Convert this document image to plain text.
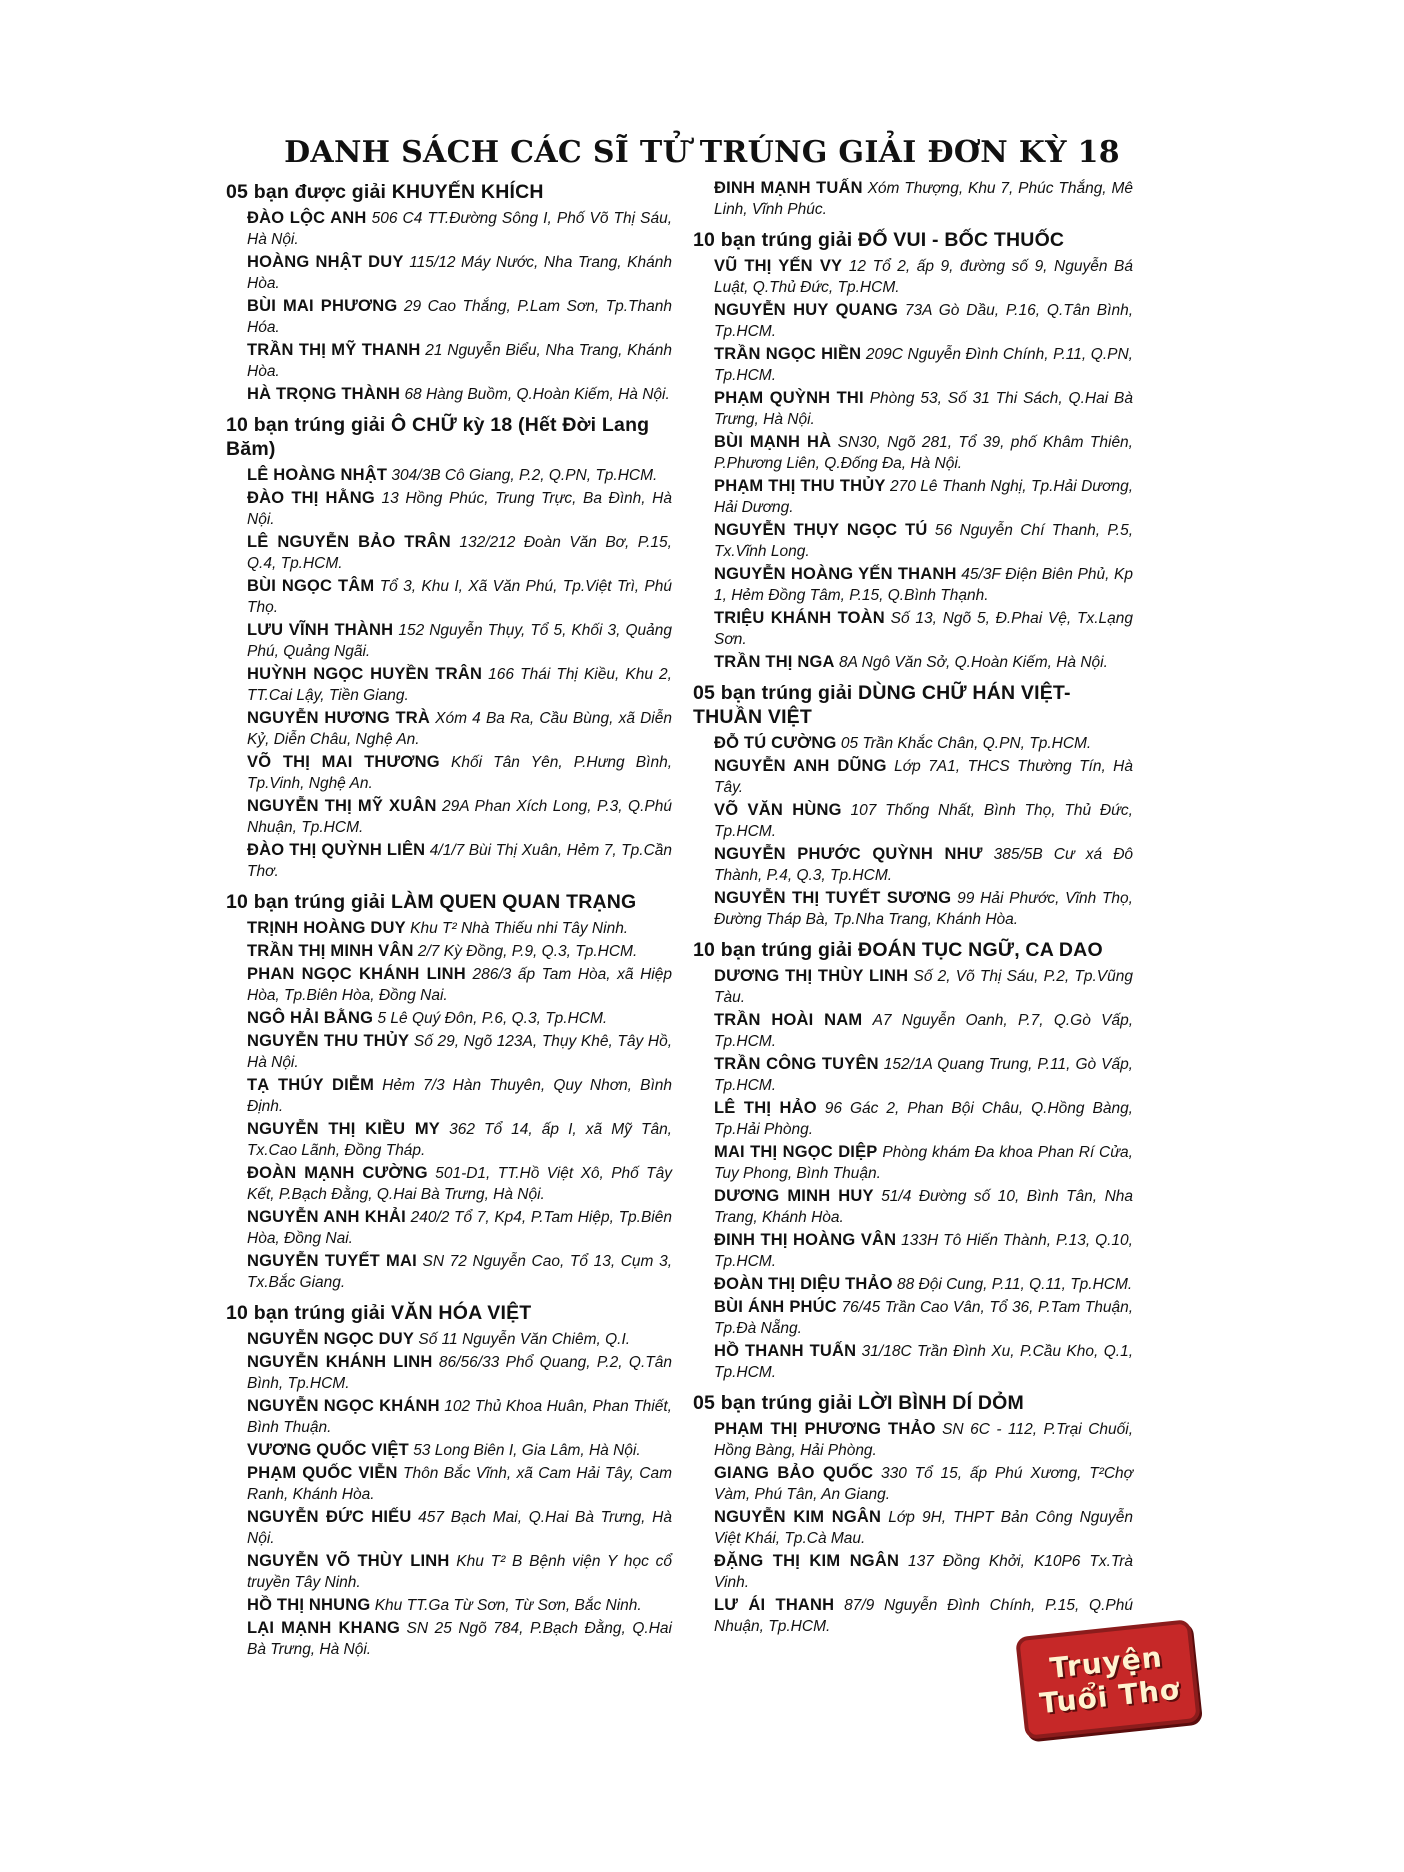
DANH SÁCH CÁC SĨ TỬ TRÚNG GIẢI ĐƠN KỲ 18
05 bạn được giải KHUYẾN KHÍCH
ĐÀO LỘC ANH 506 C4 TT.Đường Sông I, Phố Võ Thị Sáu, Hà Nội.
HOÀNG NHẬT DUY 115/12 Máy Nước, Nha Trang, Khánh Hòa.
BÙI MAI PHƯƠNG 29 Cao Thắng, P.Lam Sơn, Tp.Thanh Hóa.
TRẦN THỊ MỸ THANH 21 Nguyễn Biểu, Nha Trang, Khánh Hòa.
HÀ TRỌNG THÀNH 68 Hàng Buồm, Q.Hoàn Kiếm, Hà Nội.
10 bạn trúng giải Ô CHỮ kỳ 18 (Hết Đời Lang Băm)
LÊ HOÀNG NHẬT 304/3B Cô Giang, P.2, Q.PN, Tp.HCM.
ĐÀO THỊ HẰNG 13 Hồng Phúc, Trung Trực, Ba Đình, Hà Nội.
LÊ NGUYỄN BẢO TRÂN 132/212 Đoàn Văn Bơ, P.15, Q.4, Tp.HCM.
BÙI NGỌC TÂM Tổ 3, Khu I, Xã Văn Phú, Tp.Việt Trì, Phú Thọ.
LƯU VĨNH THÀNH 152 Nguyễn Thụy, Tổ 5, Khối 3, Quảng Phú, Quảng Ngãi.
HUỲNH NGỌC HUYỀN TRÂN 166 Thái Thị Kiều, Khu 2, TT.Cai Lậy, Tiền Giang.
NGUYỄN HƯƠNG TRÀ Xóm 4 Ba Ra, Cầu Bùng, xã Diễn Kỷ, Diễn Châu, Nghệ An.
VÕ THỊ MAI THƯƠNG Khối Tân Yên, P.Hưng Bình, Tp.Vinh, Nghệ An.
NGUYỄN THỊ MỸ XUÂN 29A Phan Xích Long, P.3, Q.Phú Nhuận, Tp.HCM.
ĐÀO THỊ QUỲNH LIÊN 4/1/7 Bùi Thị Xuân, Hẻm 7, Tp.Cần Thơ.
10 bạn trúng giải LÀM QUEN QUAN TRẠNG
TRỊNH HOÀNG DUY Khu T² Nhà Thiếu nhi Tây Ninh.
TRẦN THỊ MINH VÂN 2/7 Kỳ Đồng, P.9, Q.3, Tp.HCM.
PHAN NGỌC KHÁNH LINH 286/3 ấp Tam Hòa, xã Hiệp Hòa, Tp.Biên Hòa, Đồng Nai.
NGÔ HẢI BẰNG 5 Lê Quý Đôn, P.6, Q.3, Tp.HCM.
NGUYỄN THU THỦY Số 29, Ngõ 123A, Thụy Khê, Tây Hồ, Hà Nội.
TẠ THÚY DIỄM Hẻm 7/3 Hàn Thuyên, Quy Nhơn, Bình Định.
NGUYỄN THỊ KIỀU MY 362 Tổ 14, ấp I, xã Mỹ Tân, Tx.Cao Lãnh, Đồng Tháp.
ĐOÀN MẠNH CƯỜNG 501-D1, TT.Hồ Việt Xô, Phố Tây Kết, P.Bạch Đằng, Q.Hai Bà Trưng, Hà Nội.
NGUYỄN ANH KHẢI 240/2 Tổ 7, Kp4, P.Tam Hiệp, Tp.Biên Hòa, Đồng Nai.
NGUYỄN TUYẾT MAI SN 72 Nguyễn Cao, Tổ 13, Cụm 3, Tx.Bắc Giang.
10 bạn trúng giải VĂN HÓA VIỆT
NGUYỄN NGỌC DUY Số 11 Nguyễn Văn Chiêm, Q.I.
NGUYỄN KHÁNH LINH 86/56/33 Phổ Quang, P.2, Q.Tân Bình, Tp.HCM.
NGUYỄN NGỌC KHÁNH 102 Thủ Khoa Huân, Phan Thiết, Bình Thuận.
VƯƠNG QUỐC VIỆT 53 Long Biên I, Gia Lâm, Hà Nội.
PHẠM QUỐC VIỄN Thôn Bắc Vĩnh, xã Cam Hải Tây, Cam Ranh, Khánh Hòa.
NGUYỄN ĐỨC HIẾU 457 Bạch Mai, Q.Hai Bà Trưng, Hà Nội.
NGUYỄN VÕ THÙY LINH Khu T² B Bệnh viện Y học cổ truyền Tây Ninh.
HỒ THỊ NHUNG Khu TT.Ga Từ Sơn, Từ Sơn, Bắc Ninh.
LẠI MẠNH KHANG SN 25 Ngõ 784, P.Bạch Đằng, Q.Hai Bà Trưng, Hà Nội.
ĐINH MẠNH TUẤN Xóm Thượng, Khu 7, Phúc Thắng, Mê Linh, Vĩnh Phúc.
10 bạn trúng giải ĐỐ VUI - BỐC THUỐC
VŨ THỊ YẾN VY 12 Tổ 2, ấp 9, đường số 9, Nguyễn Bá Luật, Q.Thủ Đức, Tp.HCM.
NGUYỄN HUY QUANG 73A Gò Dầu, P.16, Q.Tân Bình, Tp.HCM.
TRẦN NGỌC HIỀN 209C Nguyễn Đình Chính, P.11, Q.PN, Tp.HCM.
PHẠM QUỲNH THI Phòng 53, Số 31 Thi Sách, Q.Hai Bà Trưng, Hà Nội.
BÙI MẠNH HÀ SN30, Ngõ 281, Tổ 39, phố Khâm Thiên, P.Phương Liên, Q.Đống Đa, Hà Nội.
PHẠM THỊ THU THỦY 270 Lê Thanh Nghị, Tp.Hải Dương, Hải Dương.
NGUYỄN THỤY NGỌC TÚ 56 Nguyễn Chí Thanh, P.5, Tx.Vĩnh Long.
NGUYỄN HOÀNG YẾN THANH 45/3F Điện Biên Phủ, Kp 1, Hẻm Đồng Tâm, P.15, Q.Bình Thạnh.
TRIỆU KHÁNH TOÀN Số 13, Ngõ 5, Đ.Phai Vệ, Tx.Lạng Sơn.
TRẦN THỊ NGA 8A Ngô Văn Sở, Q.Hoàn Kiếm, Hà Nội.
05 bạn trúng giải DÙNG CHỮ HÁN VIỆT-THUẦN VIỆT
ĐỖ TÚ CƯỜNG 05 Trần Khắc Chân, Q.PN, Tp.HCM.
NGUYỄN ANH DŨNG Lớp 7A1, THCS Thường Tín, Hà Tây.
VÕ VĂN HÙNG 107 Thống Nhất, Bình Thọ, Thủ Đức, Tp.HCM.
NGUYỄN PHƯỚC QUỲNH NHƯ 385/5B Cư xá Đô Thành, P.4, Q.3, Tp.HCM.
NGUYỄN THỊ TUYẾT SƯƠNG 99 Hải Phước, Vĩnh Thọ, Đường Tháp Bà, Tp.Nha Trang, Khánh Hòa.
10 bạn trúng giải ĐOÁN TỤC NGỮ, CA DAO
DƯƠNG THỊ THÙY LINH Số 2, Võ Thị Sáu, P.2, Tp.Vũng Tàu.
TRẦN HOÀI NAM A7 Nguyễn Oanh, P.7, Q.Gò Vấp, Tp.HCM.
TRẦN CÔNG TUYÊN 152/1A Quang Trung, P.11, Gò Vấp, Tp.HCM.
LÊ THỊ HẢO 96 Gác 2, Phan Bội Châu, Q.Hồng Bàng, Tp.Hải Phòng.
MAI THỊ NGỌC DIỆP Phòng khám Đa khoa Phan Rí Cửa, Tuy Phong, Bình Thuận.
DƯƠNG MINH HUY 51/4 Đường số 10, Bình Tân, Nha Trang, Khánh Hòa.
ĐINH THỊ HOÀNG VÂN 133H Tô Hiến Thành, P.13, Q.10, Tp.HCM.
ĐOÀN THỊ DIỆU THẢO 88 Đội Cung, P.11, Q.11, Tp.HCM.
BÙI ÁNH PHÚC 76/45 Trần Cao Vân, Tổ 36, P.Tam Thuận, Tp.Đà Nẵng.
HỒ THANH TUẤN 31/18C Trần Đình Xu, P.Cầu Kho, Q.1, Tp.HCM.
05 bạn trúng giải LỜI BÌNH DÍ DỎM
PHẠM THỊ PHƯƠNG THẢO SN 6C - 112, P.Trại Chuối, Hồng Bàng, Hải Phòng.
GIANG BẢO QUỐC 330 Tổ 15, ấp Phú Xương, T²Chợ Vàm, Phú Tân, An Giang.
NGUYỄN KIM NGÂN Lớp 9H, THPT Bản Công Nguyễn Việt Khái, Tp.Cà Mau.
ĐẶNG THỊ KIM NGÂN 137 Đồng Khởi, K10P6 Tx.Trà Vinh.
LƯ ÁI THANH 87/9 Nguyễn Đình Chính, P.15, Q.Phú Nhuận, Tp.HCM.
Truyện
Tuổi Thơ
